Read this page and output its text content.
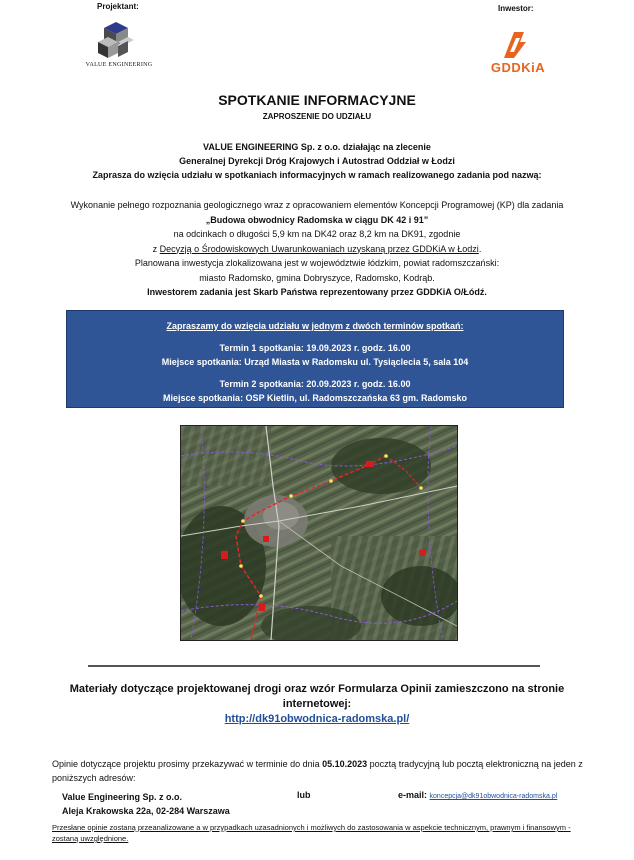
Projektant:	Inwestor:
VALUE ENGINEERING	GDDKiA
SPOTKANIE INFORMACYJNE
ZAPROSZENIE DO UDZIAŁU
VALUE ENGINEERING Sp. z o.o. działając na zlecenie
Generalnej Dyrekcji Dróg Krajowych i Autostrad Oddział w Łodzi
Zaprasza do wzięcia udziału w spotkaniach informacyjnych w ramach realizowanego zadania pod nazwą:
Wykonanie pełnego rozpoznania geologicznego wraz z opracowaniem elementów Koncepcji Programowej (KP) dla zadania
„Budowa obwodnicy Radomska w ciągu DK 42 i 91”
na odcinkach o długości 5,9 km na DK42 oraz 8,2 km na DK91, zgodnie
z Decyzją o Środowiskowych Uwarunkowaniach uzyskaną przez GDDKiA w Łodzi.
Planowana inwestycja zlokalizowana jest w województwie łódzkim, powiat radomszczański:
miasto Radomsko, gmina Dobryszyce, Radomsko, Kodrąb.
Inwestorem zadania jest Skarb Państwa reprezentowany przez GDDKiA O/Łódź.
Zapraszamy do wzięcia udziału w jednym z dwóch terminów spotkań:
Termin 1 spotkania: 19.09.2023 r. godz. 16.00
Miejsce spotkania: Urząd Miasta w Radomsku ul. Tysiąclecia 5, sala 104
Termin 2 spotkania: 20.09.2023 r. godz. 16.00
Miejsce spotkania: OSP Kietlin, ul. Radomszczańska 63 gm. Radomsko
Materiały dotyczące projektowanej drogi oraz wzór Formularza Opinii zamieszczono na stronie
internetowej:
http://dk91obwodnica-radomska.pl/
Opinie dotyczące projektu prosimy przekazywać w terminie do dnia 05.10.2023 pocztą tradycyjną lub pocztą elektroniczną na jeden z poniższych adresów:
Value Engineering Sp. z o.o.
Aleja Krakowska 22a, 02-284 Warszawa
lub	e-mail: koncepcja@dk91obwodnica-radomska.pl
Przesłane opinie zostaną przeanalizowane a w przypadkach uzasadnionych i możliwych do zastosowania w aspekcie technicznym, prawnym i finansowym - zostaną uwzględnione.
